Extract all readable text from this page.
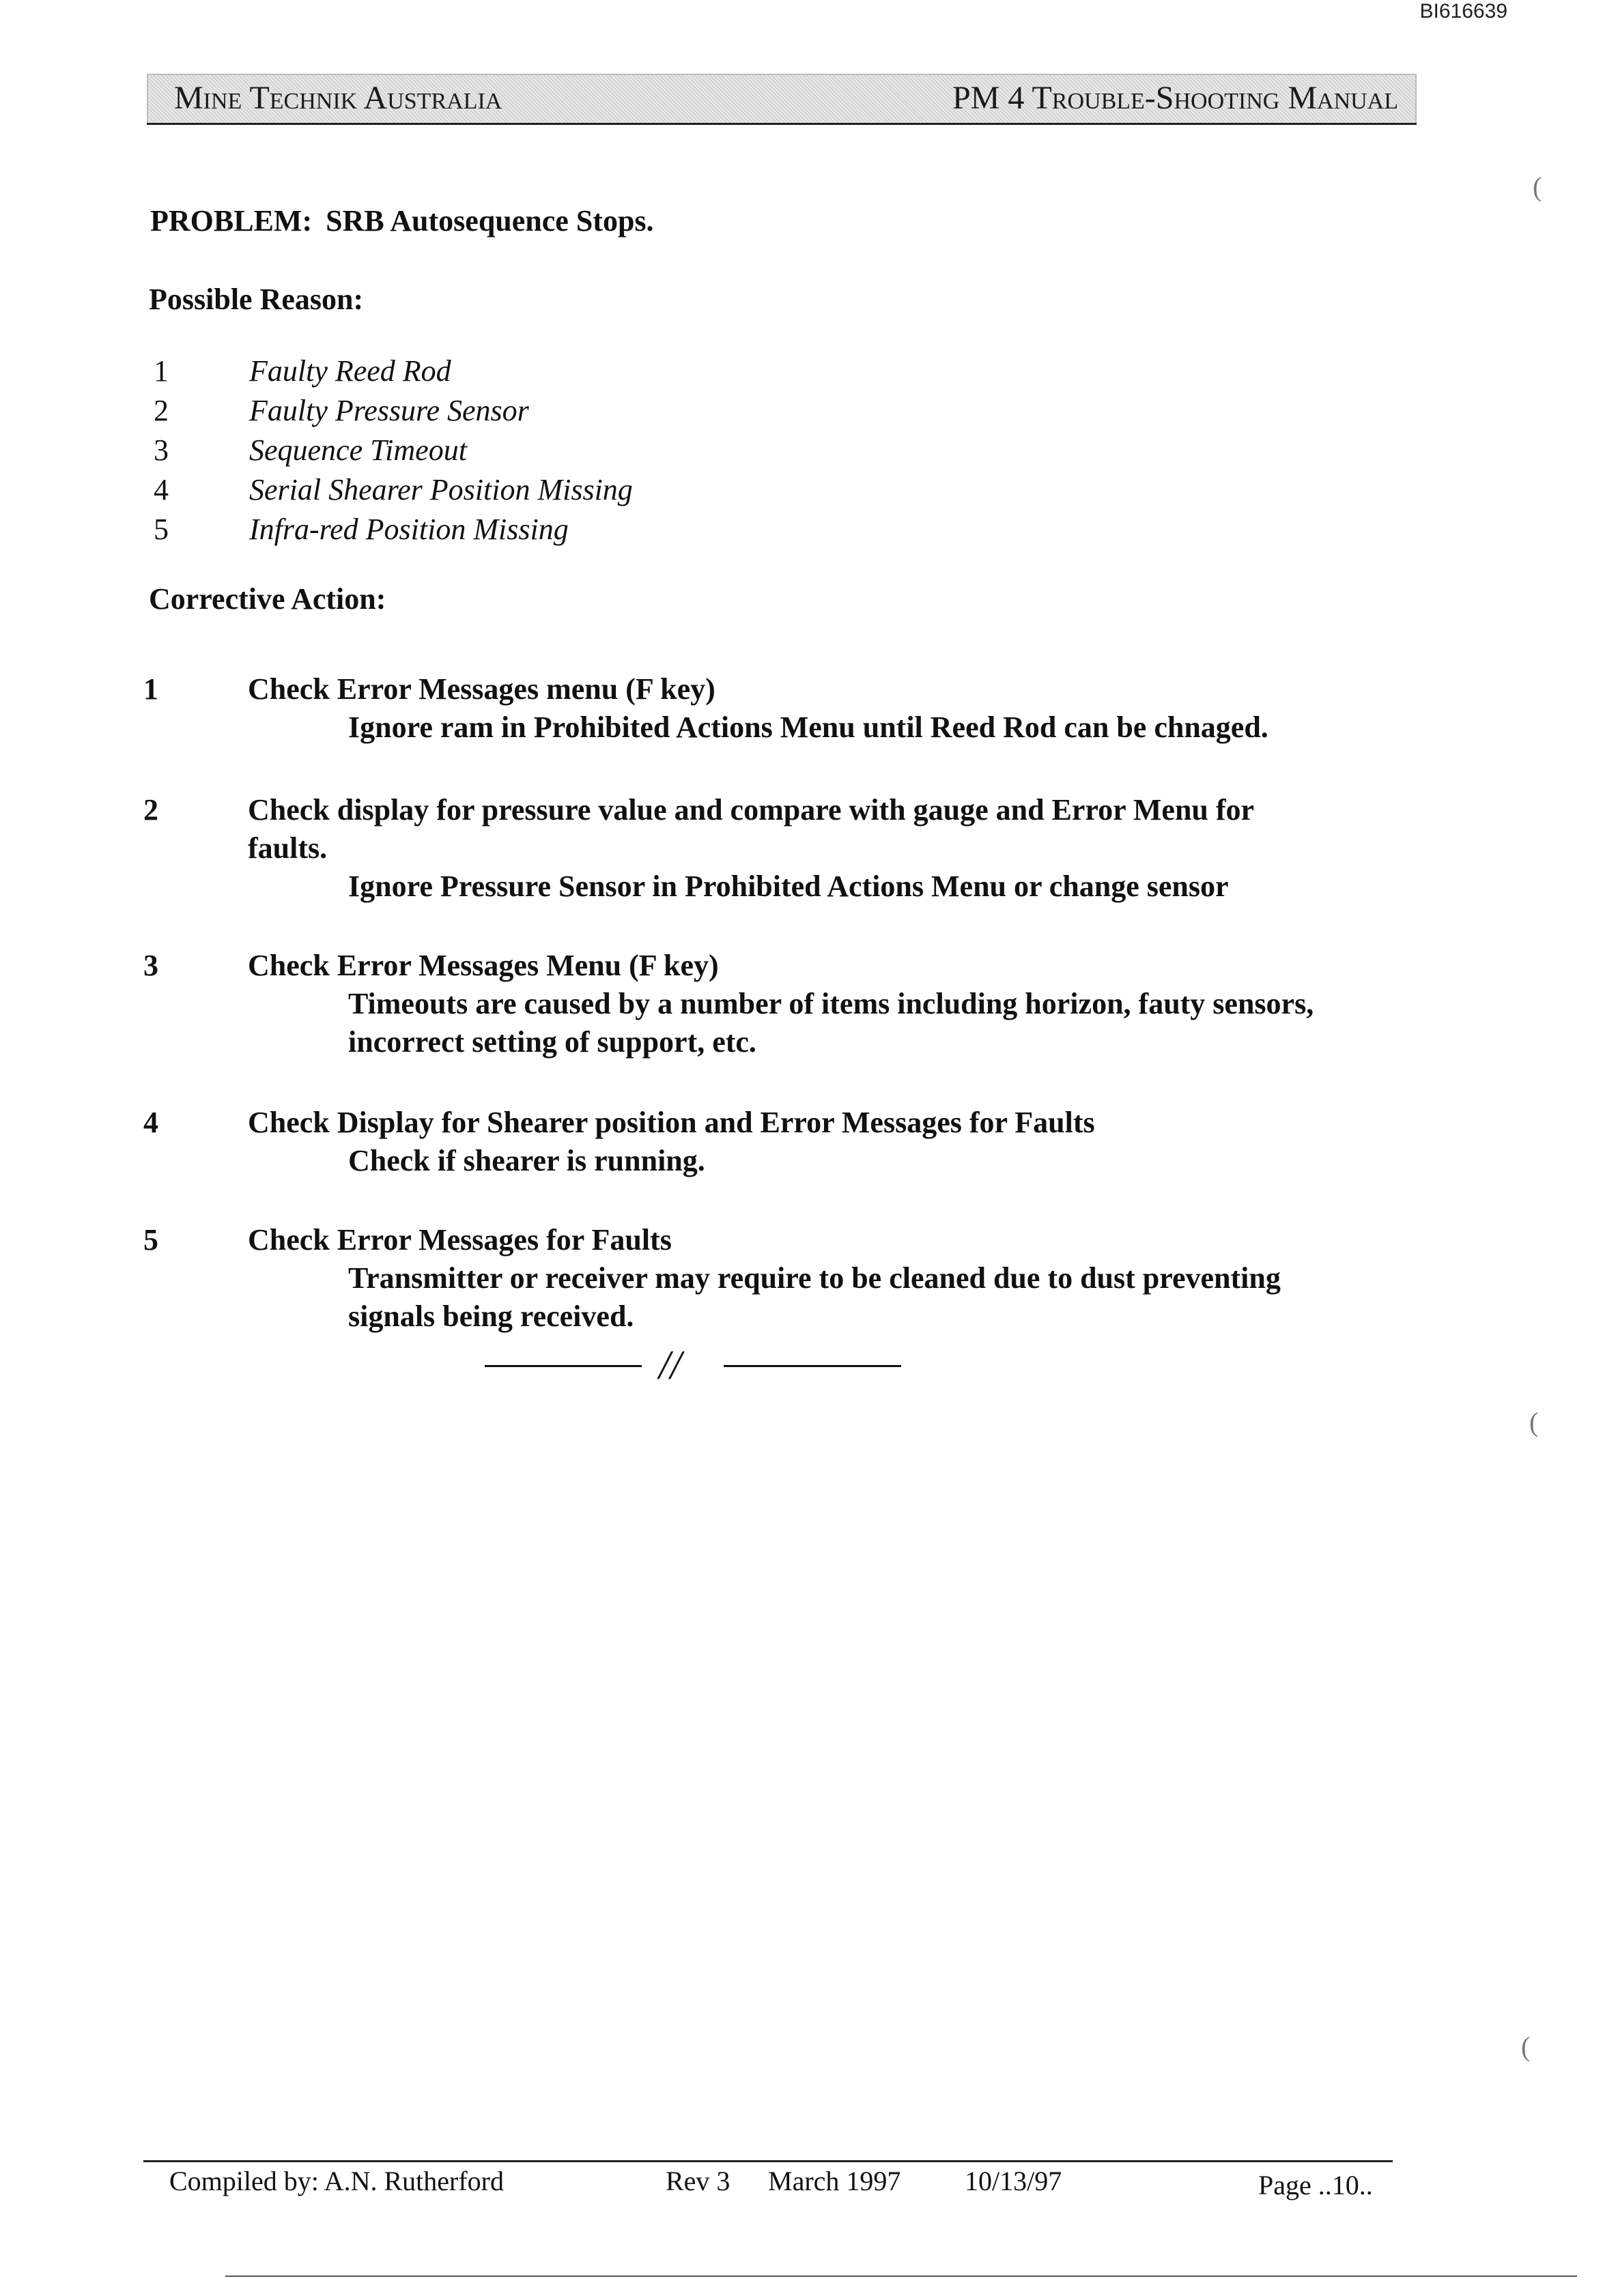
BI616639
Mine Technik Australia	PM 4 Trouble-Shooting Manual
PROBLEM: SRB Autosequence Stops.
Possible Reason:
1	Faulty Reed Rod
2	Faulty Pressure Sensor
3	Sequence Timeout
4	Serial Shearer Position Missing
5	Infra-red Position Missing
Corrective Action:
1	Check Error Messages menu (F key)
Ignore ram in Prohibited Actions Menu until Reed Rod can be chnaged.
2	Check display for pressure value and compare with gauge and Error Menu for
faults.
Ignore Pressure Sensor in Prohibited Actions Menu or change sensor
3	Check Error Messages Menu (F key)
Timeouts are caused by a number of items including horizon, fauty sensors,
incorrect setting of support, etc.
4	Check Display for Shearer position and Error Messages for Faults
Check if shearer is running.
5	Check Error Messages for Faults
Transmitter or receiver may require to be cleaned due to dust preventing
signals being received.
//
Compiled by: A.N. Rutherford	Rev 3 March 1997 10/13/97	Page ..10..
(
(
(
